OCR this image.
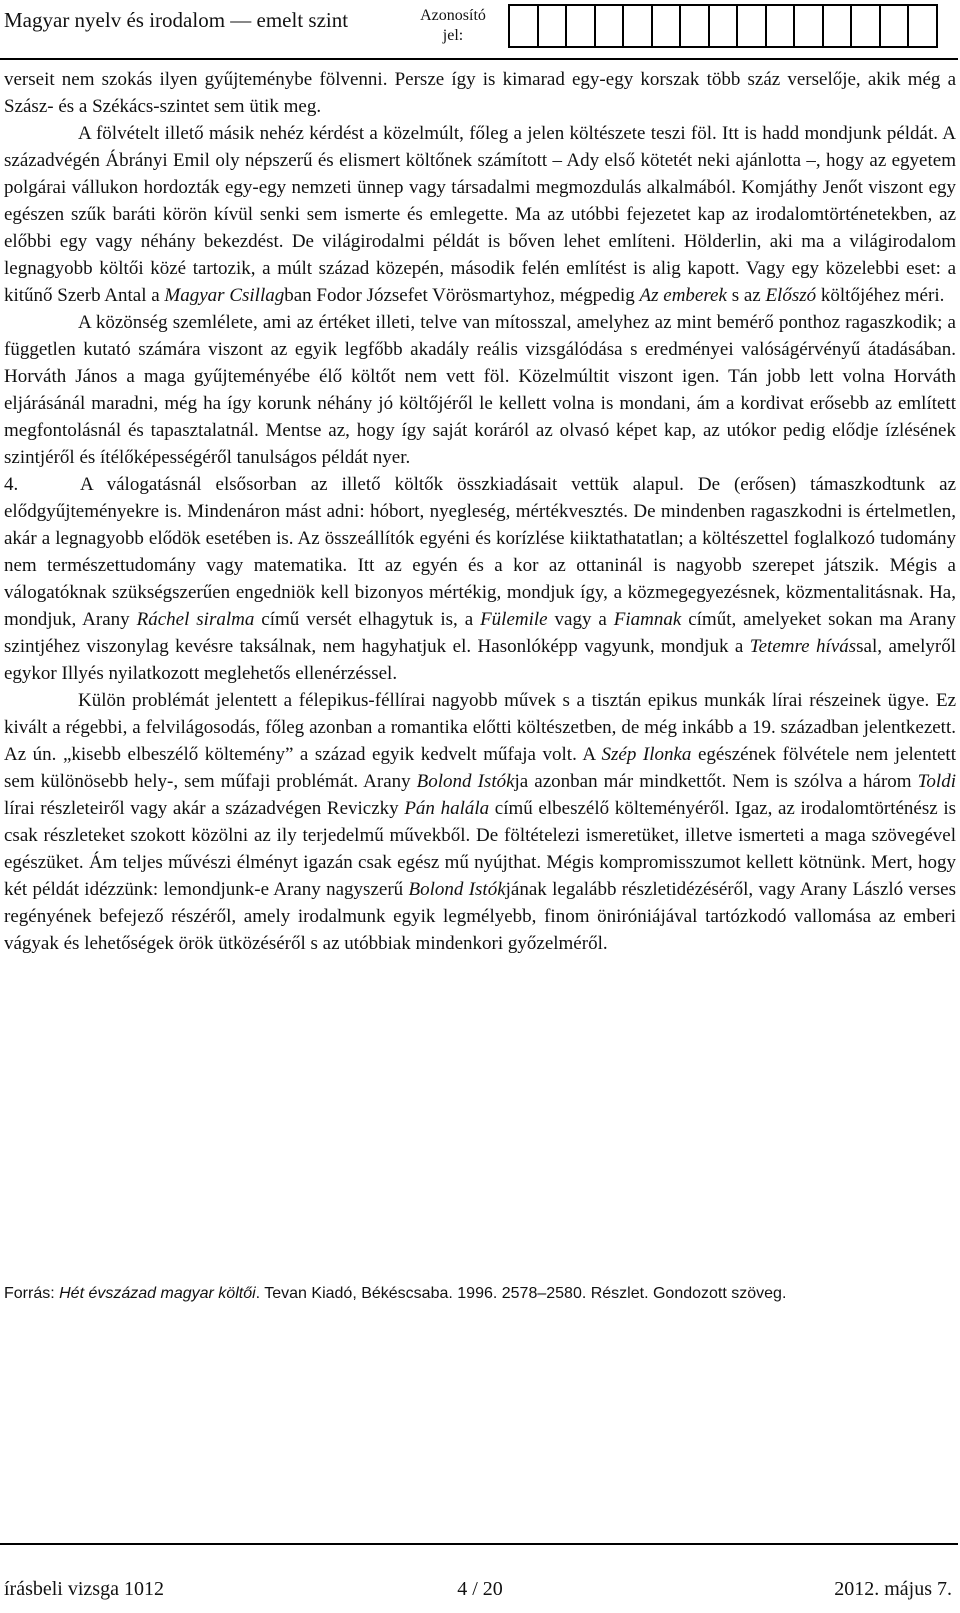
Magyar nyelv és irodalom — emelt szint	Azonosító jel:

verseit nem szokás ilyen gyűjteménybe fölvenni. Persze így is kimarad egy-egy korszak több száz verselője, akik még a Szász- és a Székács-szintet sem ütik meg.

A fölvételt illető másik nehéz kérdést a közelmúlt, főleg a jelen költészete teszi föl. Itt is hadd mondjunk példát. A századvégén Ábrányi Emil oly népszerű és elismert költőnek számított – Ady első kötetét neki ajánlotta –, hogy az egyetem polgárai vállukon hordozták egy-egy nemzeti ünnep vagy társadalmi megmozdulás alkalmából. Komjáthy Jenőt viszont egy egészen szűk baráti körön kívül senki sem ismerte és emlegette. Ma az utóbbi fejezetet kap az irodalomtörténetekben, az előbbi egy vagy néhány bekezdést. De világirodalmi példát is bőven lehet említeni. Hölderlin, aki ma a világirodalom legnagyobb költői közé tartozik, a múlt század közepén, második felén említést is alig kapott. Vagy egy közelebbi eset: a kitűnő Szerb Antal a Magyar Csillagban Fodor Józsefet Vörösmartyhoz, mégpedig Az emberek s az Előszó költőjéhez méri.

A közönség szemlélete, ami az értéket illeti, telve van mítosszal, amelyhez az mint bemérő ponthoz ragaszkodik; a független kutató számára viszont az egyik legfőbb akadály reális vizsgálódása s eredményei valóságérvényű átadásában. Horváth János a maga gyűjteményébe élő költőt nem vett föl. Közelmúltit viszont igen. Tán jobb lett volna Horváth eljárásánál maradni, még ha így korunk néhány jó költőjéről le kellett volna is mondani, ám a kordivat erősebb az említett megfontolásnál és tapasztalatnál. Mentse az, hogy így saját koráról az olvasó képet kap, az utókor pedig elődje ízlésének szintjéről és ítélőképességéről tanulságos példát nyer.

4.	A válogatásnál elsősorban az illető költők összkiadásait vettük alapul. De (erősen) támaszkodtunk az elődgyűjteményekre is. Mindenáron mást adni: hóbort, nyegleség, mértékvesztés. De mindenben ragaszkodni is értelmetlen, akár a legnagyobb elődök esetében is. Az összeállítók egyéni és korízlése kiiktathatatlan; a költészettel foglalkozó tudomány nem természettudomány vagy matematika. Itt az egyén és a kor az ottaninál is nagyobb szerepet játszik. Mégis a válogatóknak szükségszerűen engedniök kell bizonyos mértékig, mondjuk így, a közmegegyezésnek, közmentalitásnak. Ha, mondjuk, Arany Ráchel siralma című versét elhagytuk is, a Fülemile vagy a Fiamnak címűt, amelyeket sokan ma Arany szintjéhez viszonylag kevésre taksálnak, nem hagyhatjuk el. Hasonlóképp vagyunk, mondjuk a Tetemre hívással, amelyről egykor Illyés nyilatkozott meglehetős ellenérzéssel.

Külön problémát jelentett a félepikus-féllírai nagyobb művek s a tisztán epikus munkák lírai részeinek ügye. Ez kivált a régebbi, a felvilágosodás, főleg azonban a romantika előtti költészetben, de még inkább a 19. században jelentkezett. Az ún. „kisebb elbeszélő költemény” a század egyik kedvelt műfaja volt. A Szép Ilonka egészének fölvétele nem jelentett sem különösebb hely-, sem műfaji problémát. Arany Bolond Istókja azonban már mindkettőt. Nem is szólva a három Toldi lírai részleteiről vagy akár a századvégen Reviczky Pán halála című elbeszélő költeményéről. Igaz, az irodalomtörténész is csak részleteket szokott közölni az ily terjedelmű művekből. De föltételezi ismeretüket, illetve ismerteti a maga szövegével egészüket. Ám teljes művészi élményt igazán csak egész mű nyújthat. Mégis kompromisszumot kellett kötnünk. Mert, hogy két példát idézzünk: lemondjunk-e Arany nagyszerű Bolond Istókjának legalább részletidézéséről, vagy Arany László verses regényének befejező részéről, amely irodalmunk egyik legmélyebb, finom öniróniájával tartózkodó vallomása az emberi vágyak és lehetőségek örök ütközéséről s az utóbbiak mindenkori győzelméről.

Forrás: Hét évszázad magyar költői. Tevan Kiadó, Békéscsaba. 1996. 2578–2580. Részlet. Gondozott szöveg.
írásbeli vizsga 1012	4 / 20	2012. május 7.
